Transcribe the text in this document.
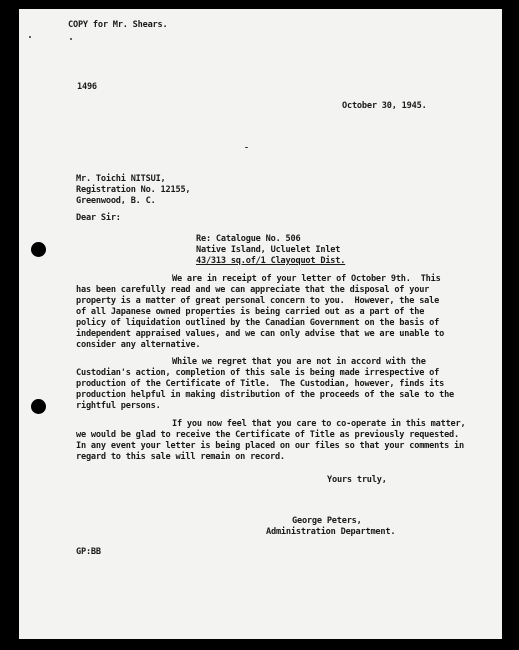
COPY for Mr. Shears.
1496
October 30, 1945.
Mr. Toichi NITSUI,
Registration No. 12155,
Greenwood, B. C.
Dear Sir:
Re: Catalogue No. 506
Native Island, Ucluelet Inlet
43/313 sq.of/1 Clayoquot Dist.
We are in receipt of your letter of October 9th.  This
has been carefully read and we can appreciate that the disposal of your
property is a matter of great personal concern to you.  However, the sale
of all Japanese owned properties is being carried out as a part of the
policy of liquidation outlined by the Canadian Government on the basis of
independent appraised values, and we can only advise that we are unable to
consider any alternative.
While we regret that you are not in accord with the
Custodian's action, completion of this sale is being made irrespective of
production of the Certificate of Title.  The Custodian, however, finds its
production helpful in making distribution of the proceeds of the sale to the
rightful persons.
If you now feel that you care to co-operate in this matter,
we would be glad to receive the Certificate of Title as previously requested.
In any event your letter is being placed on our files so that your comments in
regard to this sale will remain on record.
Yours truly,
George Peters,
Administration Department.
GP:BB
